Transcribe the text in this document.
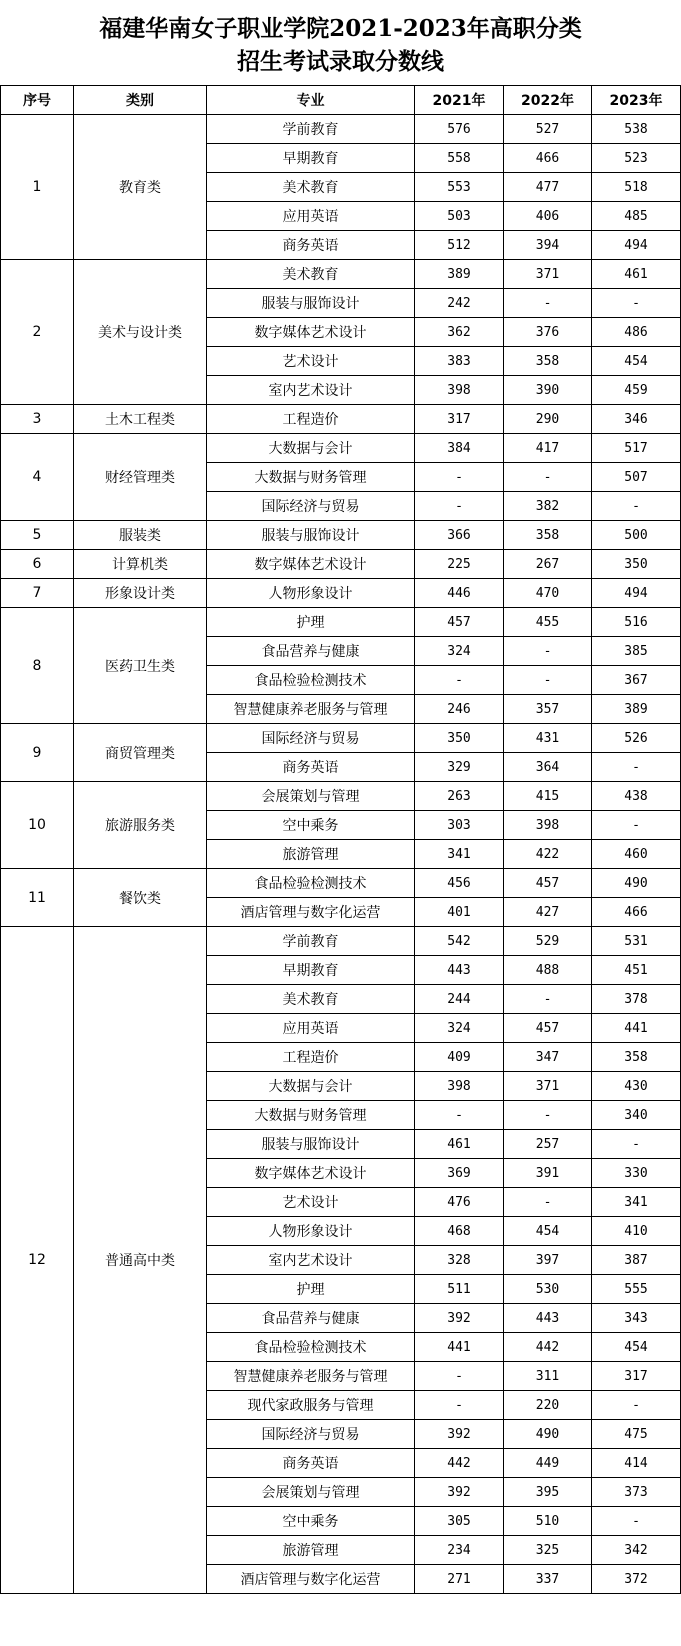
福建华南女子职业学院2021-2023年高职分类
招生考试录取分数线
序号	类别	专业	2021年	2022年	2023年
1	教育类	学前教育	576	527	538
		早期教育	558	466	523
		美术教育	553	477	518
		应用英语	503	406	485
		商务英语	512	394	494
2	美术与设计类	美术教育	389	371	461
		服装与服饰设计	242	-	-
		数字媒体艺术设计	362	376	486
		艺术设计	383	358	454
		室内艺术设计	398	390	459
3	土木工程类	工程造价	317	290	346
4	财经管理类	大数据与会计	384	417	517
		大数据与财务管理	-	-	507
		国际经济与贸易	-	382	-
5	服装类	服装与服饰设计	366	358	500
6	计算机类	数字媒体艺术设计	225	267	350
7	形象设计类	人物形象设计	446	470	494
8	医药卫生类	护理	457	455	516
		食品营养与健康	324	-	385
		食品检验检测技术	-	-	367
		智慧健康养老服务与管理	246	357	389
9	商贸管理类	国际经济与贸易	350	431	526
		商务英语	329	364	-
10	旅游服务类	会展策划与管理	263	415	438
		空中乘务	303	398	-
		旅游管理	341	422	460
11	餐饮类	食品检验检测技术	456	457	490
		酒店管理与数字化运营	401	427	466
12	普通高中类	学前教育	542	529	531
		早期教育	443	488	451
		美术教育	244	-	378
		应用英语	324	457	441
		工程造价	409	347	358
		大数据与会计	398	371	430
		大数据与财务管理	-	-	340
		服装与服饰设计	461	257	-
		数字媒体艺术设计	369	391	330
		艺术设计	476	-	341
		人物形象设计	468	454	410
		室内艺术设计	328	397	387
		护理	511	530	555
		食品营养与健康	392	443	343
		食品检验检测技术	441	442	454
		智慧健康养老服务与管理	-	311	317
		现代家政服务与管理	-	220	-
		国际经济与贸易	392	490	475
		商务英语	442	449	414
		会展策划与管理	392	395	373
		空中乘务	305	510	-
		旅游管理	234	325	342
		酒店管理与数字化运营	271	337	372
